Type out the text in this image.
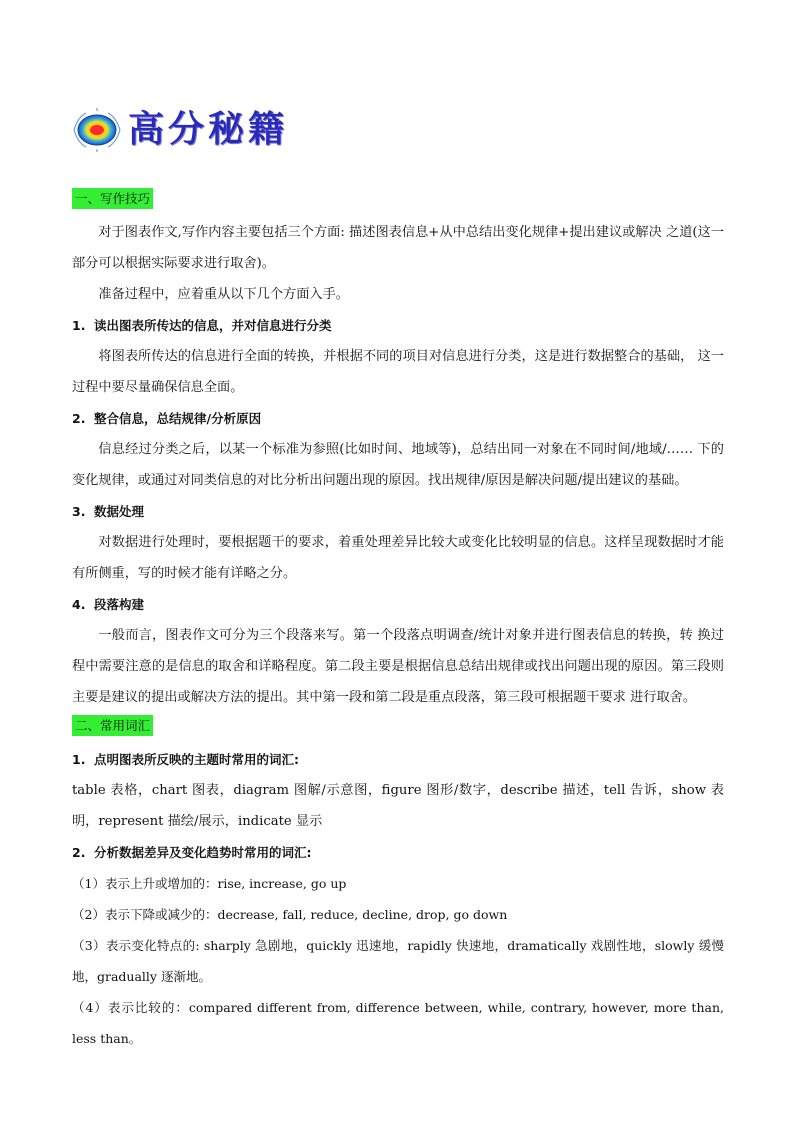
高分秘籍
一、写作技巧

对于图表作文,写作内容主要包括三个方面: 描述图表信息+从中总结出变化规律+提出建议或解决 之道(这一部分可以根据实际要求进行取舍)。

准备过程中，应着重从以下几个方面入手。

1. 读出图表所传达的信息，并对信息进行分类

将图表所传达的信息进行全面的转换，并根据不同的项目对信息进行分类，这是进行数据整合的基础， 这一过程中要尽量确保信息全面。

2. 整合信息，总结规律/分析原因

信息经过分类之后，以某一个标准为参照(比如时间、地域等)，总结出同一对象在不同时间/地域/…… 下的变化规律，或通过对同类信息的对比分析出问题出现的原因。找出规律/原因是解决问题/提出建议的基础。

3. 数据处理

对数据进行处理时，要根据题干的要求，着重处理差异比较大或变化比较明显的信息。这样呈现数据时才能有所侧重，写的时候才能有详略之分。

4. 段落构建

一般而言，图表作文可分为三个段落来写。第一个段落点明调查/统计对象并进行图表信息的转换，转 换过程中需要注意的是信息的取舍和详略程度。第二段主要是根据信息总结出规律或找出问题出现的原因。第三段则主要是建议的提出或解决方法的提出。其中第一段和第二段是重点段落，第三段可根据题干要求 进行取舍。

二、常用词汇
1. 点明图表所反映的主题时常用的词汇:

table 表格，chart 图表，diagram 图解/示意图，figure 图形/数字，describe 描述，tell 告诉，show 表明，represent 描绘/展示，indicate 显示

2. 分析数据差异及变化趋势时常用的词汇:

（1）表示上升或增加的：rise, increase, go up

（2）表示下降或减少的：decrease, fall, reduce, decline, drop, go down

（3）表示变化特点的: sharply 急剧地，quickly 迅速地，rapidly 快速地，dramatically 戏剧性地，slowly 缓慢地，gradually 逐渐地。

（4）表示比较的：compared different from, difference between, while, contrary, however, more than, less than。
